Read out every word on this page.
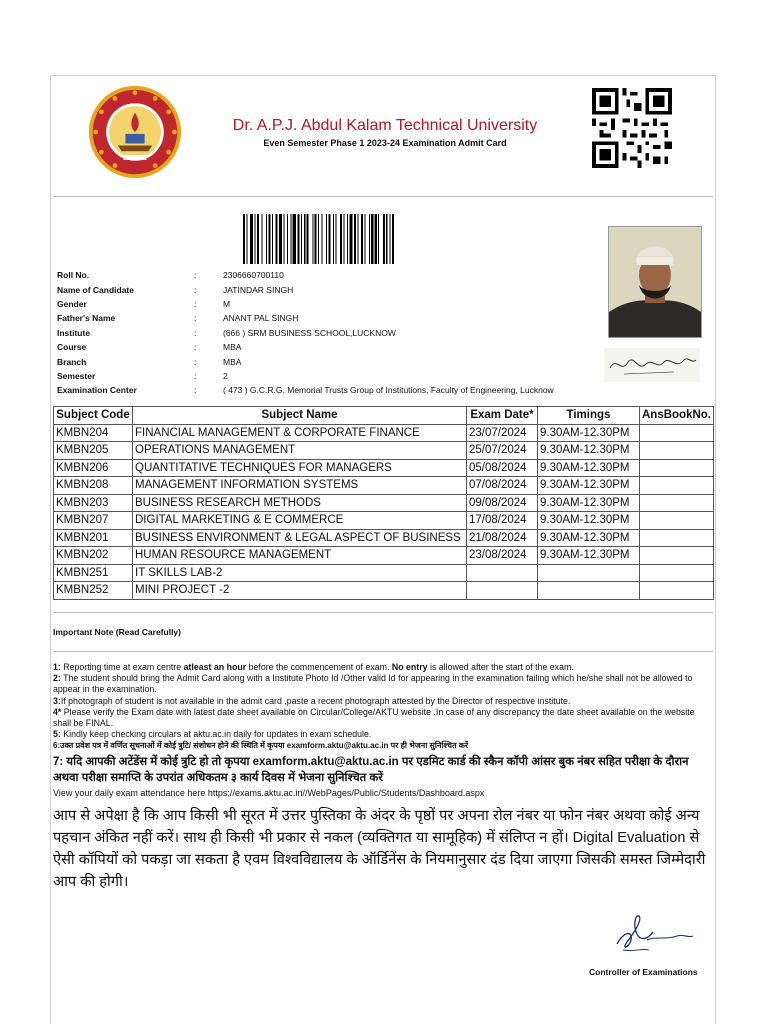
Dr. A.P.J. Abdul Kalam Technical University
Even Semester Phase 1 2023-24 Examination Admit Card
Roll No.	:	2306660700110
Name of Candidate	:	JATINDAR SINGH
Gender	:	M
Father's Name	:	ANANT PAL SINGH
Institute	:	(666 ) SRM BUSINESS SCHOOL,LUCKNOW
Course	:	MBA
Branch	:	MBA
Semester	:	2
Examination Center	:	( 473 ) G.C.R.G. Memorial Trusts Group of Institutions, Faculty of Engineering, Lucknow
Subject Code	Subject Name	Exam Date*	Timings	AnsBookNo.
KMBN204	FINANCIAL MANAGEMENT & CORPORATE FINANCE	23/07/2024	9.30AM-12.30PM	
KMBN205	OPERATIONS MANAGEMENT	25/07/2024	9.30AM-12.30PM	
KMBN206	QUANTITATIVE TECHNIQUES FOR MANAGERS	05/08/2024	9.30AM-12.30PM	
KMBN208	MANAGEMENT INFORMATION SYSTEMS	07/08/2024	9.30AM-12.30PM	
KMBN203	BUSINESS RESEARCH METHODS	09/08/2024	9.30AM-12.30PM	
KMBN207	DIGITAL MARKETING & E COMMERCE	17/08/2024	9.30AM-12.30PM	
KMBN201	BUSINESS ENVIRONMENT & LEGAL ASPECT OF BUSINESS	21/08/2024	9.30AM-12.30PM	
KMBN202	HUMAN RESOURCE MANAGEMENT	23/08/2024	9.30AM-12.30PM	
KMBN251	IT SKILLS LAB-2			
KMBN252	MINI PROJECT -2			
Important Note (Read Carefully)

1: Reporting time at exam centre atleast an hour before the commencement of exam. No entry is allowed after the start of the exam.

2: The student should bring the Admit Card along with a Institute Photo Id /Other valid Id for appearing in the examination failing which he/she shall not be allowed to appear in the examination.

3:If photograph of student is not available in the admit card ,paste a recent photograph attested by the Director of respective institute.

4* Please verify the Exam date with latest date sheet available on Circular/College/AKTU website .In case of any discrepancy the date sheet available on the website shall be FINAL.

5: Kindly keep checking circulars at aktu.ac.in daily for updates in exam schedule.

6:उक्त प्रवेश पत्र में वर्णित सूचनाओं में कोई त्रुटि/ संशोधन होने की स्थिति में कृपया examform.aktu@aktu.ac.in पर ही भेजना सुनिश्चित करें

7: यदि आपकी अटेंडेंस में कोई त्रुटि हो तो कृपया examform.aktu@aktu.ac.in पर एडमिट कार्ड की स्कैन कॉपी आंसर बुक नंबर सहित परीक्षा के दौरान अथवा परीक्षा समाप्ति के उपरांत अधिकतम ३ कार्य दिवस में भेजना सुनिश्चित करें

View your daily exam attendance here https://exams.aktu.ac.in//WebPages/Public/Students/Dashboard.aspx

आप से अपेक्षा है कि आप किसी भी सूरत में उत्तर पुस्तिका के अंदर के पृष्ठों पर अपना रोल नंबर या फोन नंबर अथवा कोई अन्य पहचान अंकित नहीं करें। साथ ही किसी भी प्रकार से नकल (व्यक्तिगत या सामूहिक) में संलिप्त न हों। Digital Evaluation से ऐसी कॉपियों को पकड़ा जा सकता है एवम विश्वविद्यालय के ऑर्डिनेंस के नियमानुसार दंड दिया जाएगा जिसकी समस्त जिम्मेदारी आप की होगी।

Controller of Examinations
